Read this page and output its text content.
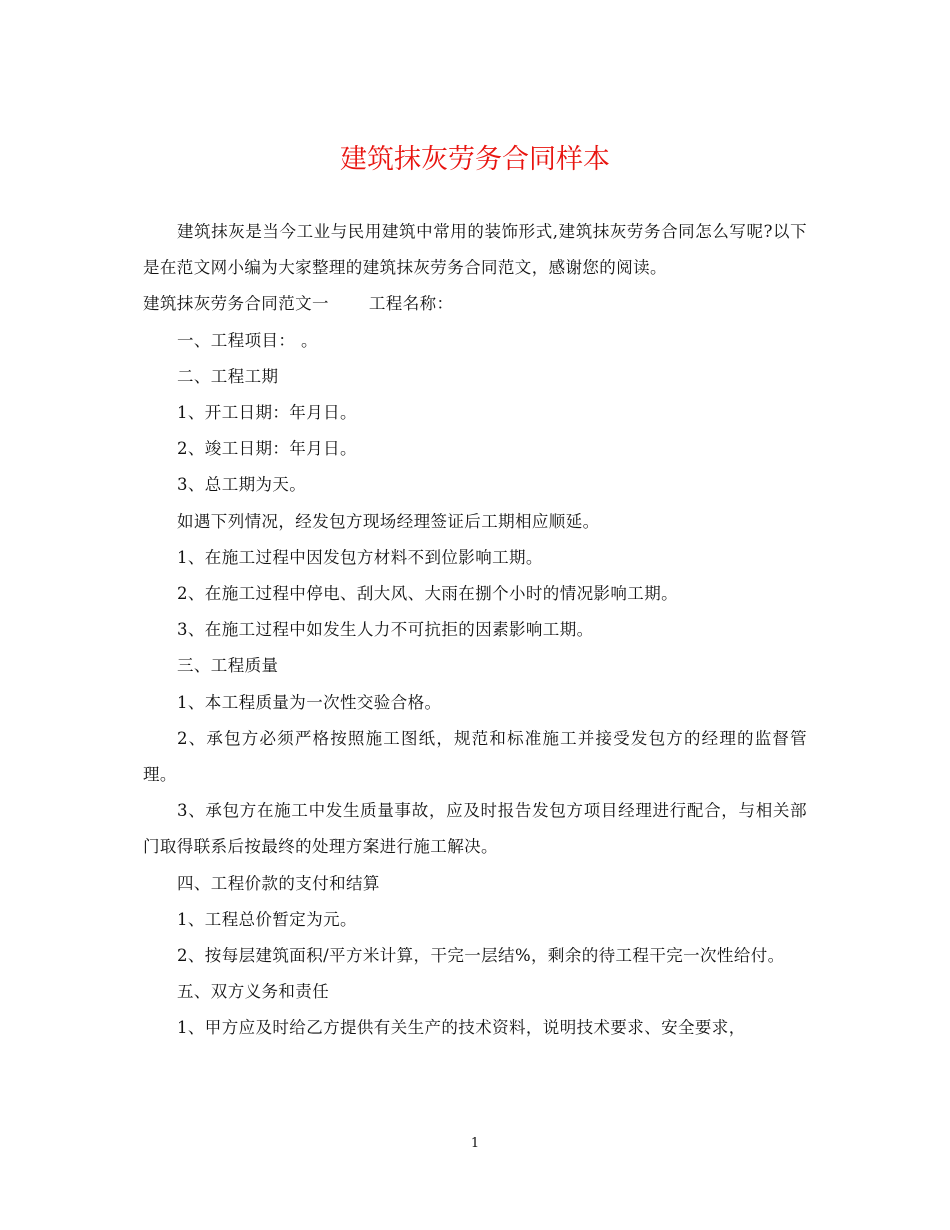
建筑抹灰劳务合同样本

建筑抹灰是当今工业与民用建筑中常用的装饰形式,建筑抹灰劳务合同怎么写呢?以下是在范文网小编为大家整理的建筑抹灰劳务合同范文，感谢您的阅读。

建筑抹灰劳务合同范文一 工程名称：

一、工程项目： 。

二、工程工期

1、开工日期：年月日。

2、竣工日期：年月日。

3、总工期为天。

如遇下列情况，经发包方现场经理签证后工期相应顺延。

1、在施工过程中因发包方材料不到位影响工期。

2、在施工过程中停电、刮大风、大雨在捌个小时的情况影响工期。

3、在施工过程中如发生人力不可抗拒的因素影响工期。

三、工程质量

1、本工程质量为一次性交验合格。

2、承包方必须严格按照施工图纸，规范和标准施工并接受发包方的经理的监督管理。

3、承包方在施工中发生质量事故，应及时报告发包方项目经理进行配合，与相关部门取得联系后按最终的处理方案进行施工解决。

四、工程价款的支付和结算

1、工程总价暂定为元。

2、按每层建筑面积/平方米计算，干完一层结%，剩余的待工程干完一次性给付。

五、双方义务和责任

1、甲方应及时给乙方提供有关生产的技术资料，说明技术要求、安全要求，

1
